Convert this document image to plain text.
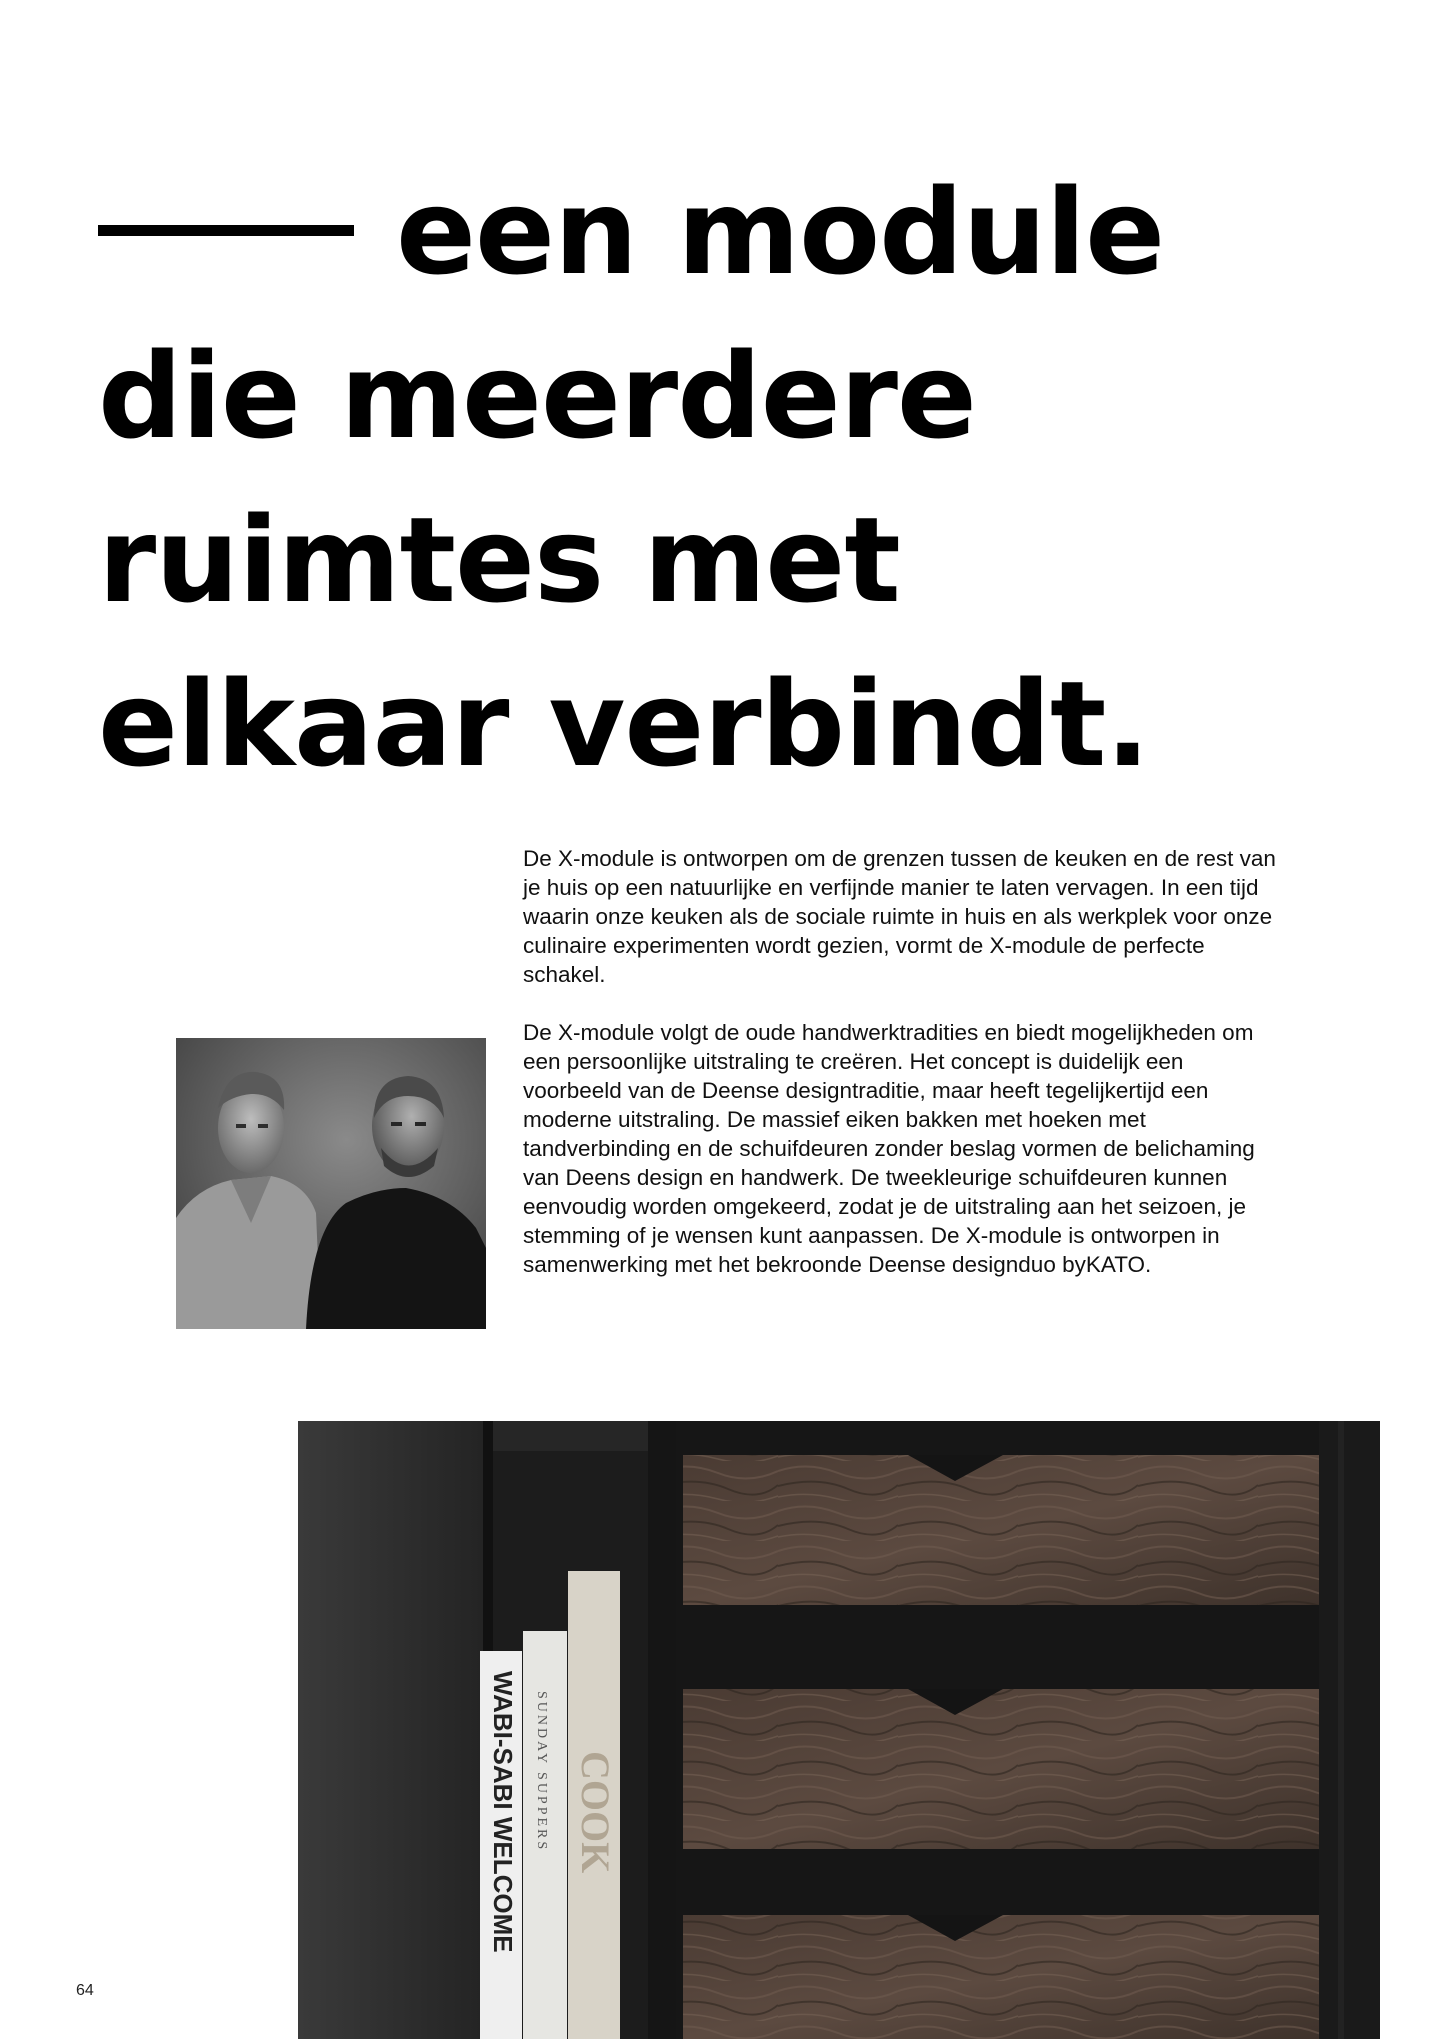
een module
die meerdere
ruimtes met
elkaar verbindt.

De X-module is ontworpen om de grenzen tussen de keuken en de rest van je huis op een natuurlijke en verfijnde manier te laten vervagen. In een tijd waarin onze keuken als de sociale ruimte in huis en als werkplek voor onze culinaire experimenten wordt gezien, vormt de X-module de perfecte schakel.

De X-module volgt de oude handwerktradities en biedt mogelijkheden om een persoonlijke uitstraling te creëren. Het concept is duidelijk een voorbeeld van de Deense designtraditie, maar heeft tegelijkertijd een moderne uitstraling. De massief eiken bakken met hoeken met tandverbinding en de schuifdeuren zonder beslag vormen de belichaming van Deens design en handwerk. De tweekleurige schuifdeuren kunnen eenvoudig worden omgekeerd, zodat je de uitstraling aan het seizoen, je stemming of je wensen kunt aanpassen. De X-module is ontworpen in samenwerking met het bekroonde Deense designduo byKATO.

WABI-SABI WELCOME SUNDAY SUPPERS COOK
64
